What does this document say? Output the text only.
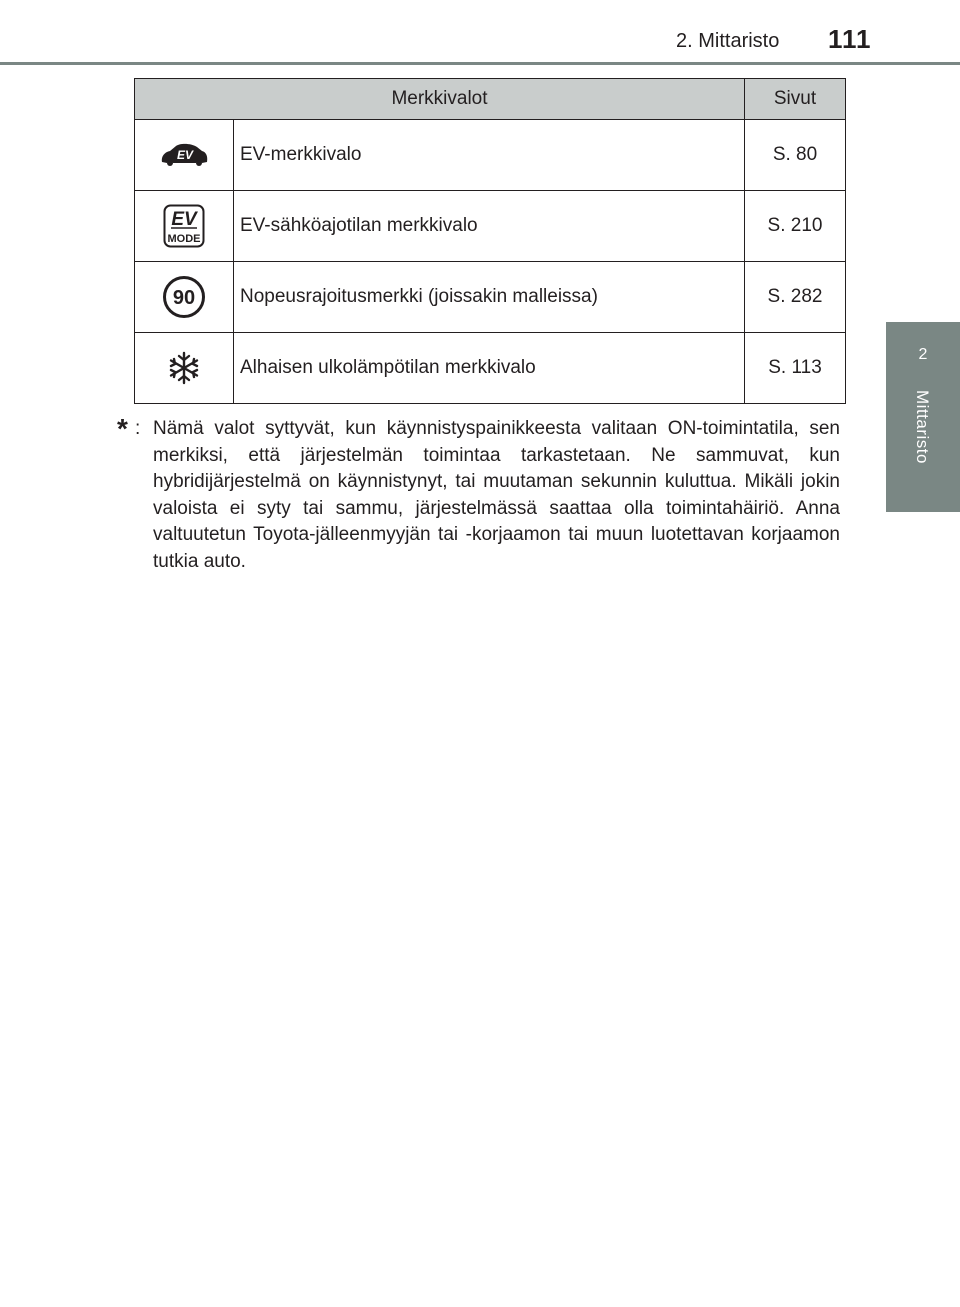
2. Mittaristo 111
2
Mittaristo
Merkkivalot		Sivut

EV	EV-merkkivalo	S. 80

EV
MODE	EV-sähköajotilan merkkivalo	S. 210

90	Nopeusrajoitusmerkki (joissakin malleissa)	S. 282

	Alhaisen ulkolämpötilan merkkivalo	S. 113
* : Nämä valot syttyvät, kun käynnistyspainikkeesta valitaan ON-toimintatila, sen merkiksi, että järjestelmän toimintaa tarkastetaan. Ne sammuvat, kun hybridijärjestelmä on käynnistynyt, tai muutaman sekunnin kuluttua. Mikäli jokin valoista ei syty tai sammu, järjestelmässä saattaa olla toimintahäiriö. Anna valtuutetun Toyota-jälleenmyyjän tai -korjaamon tai muun luotettavan korjaamon tutkia auto.
